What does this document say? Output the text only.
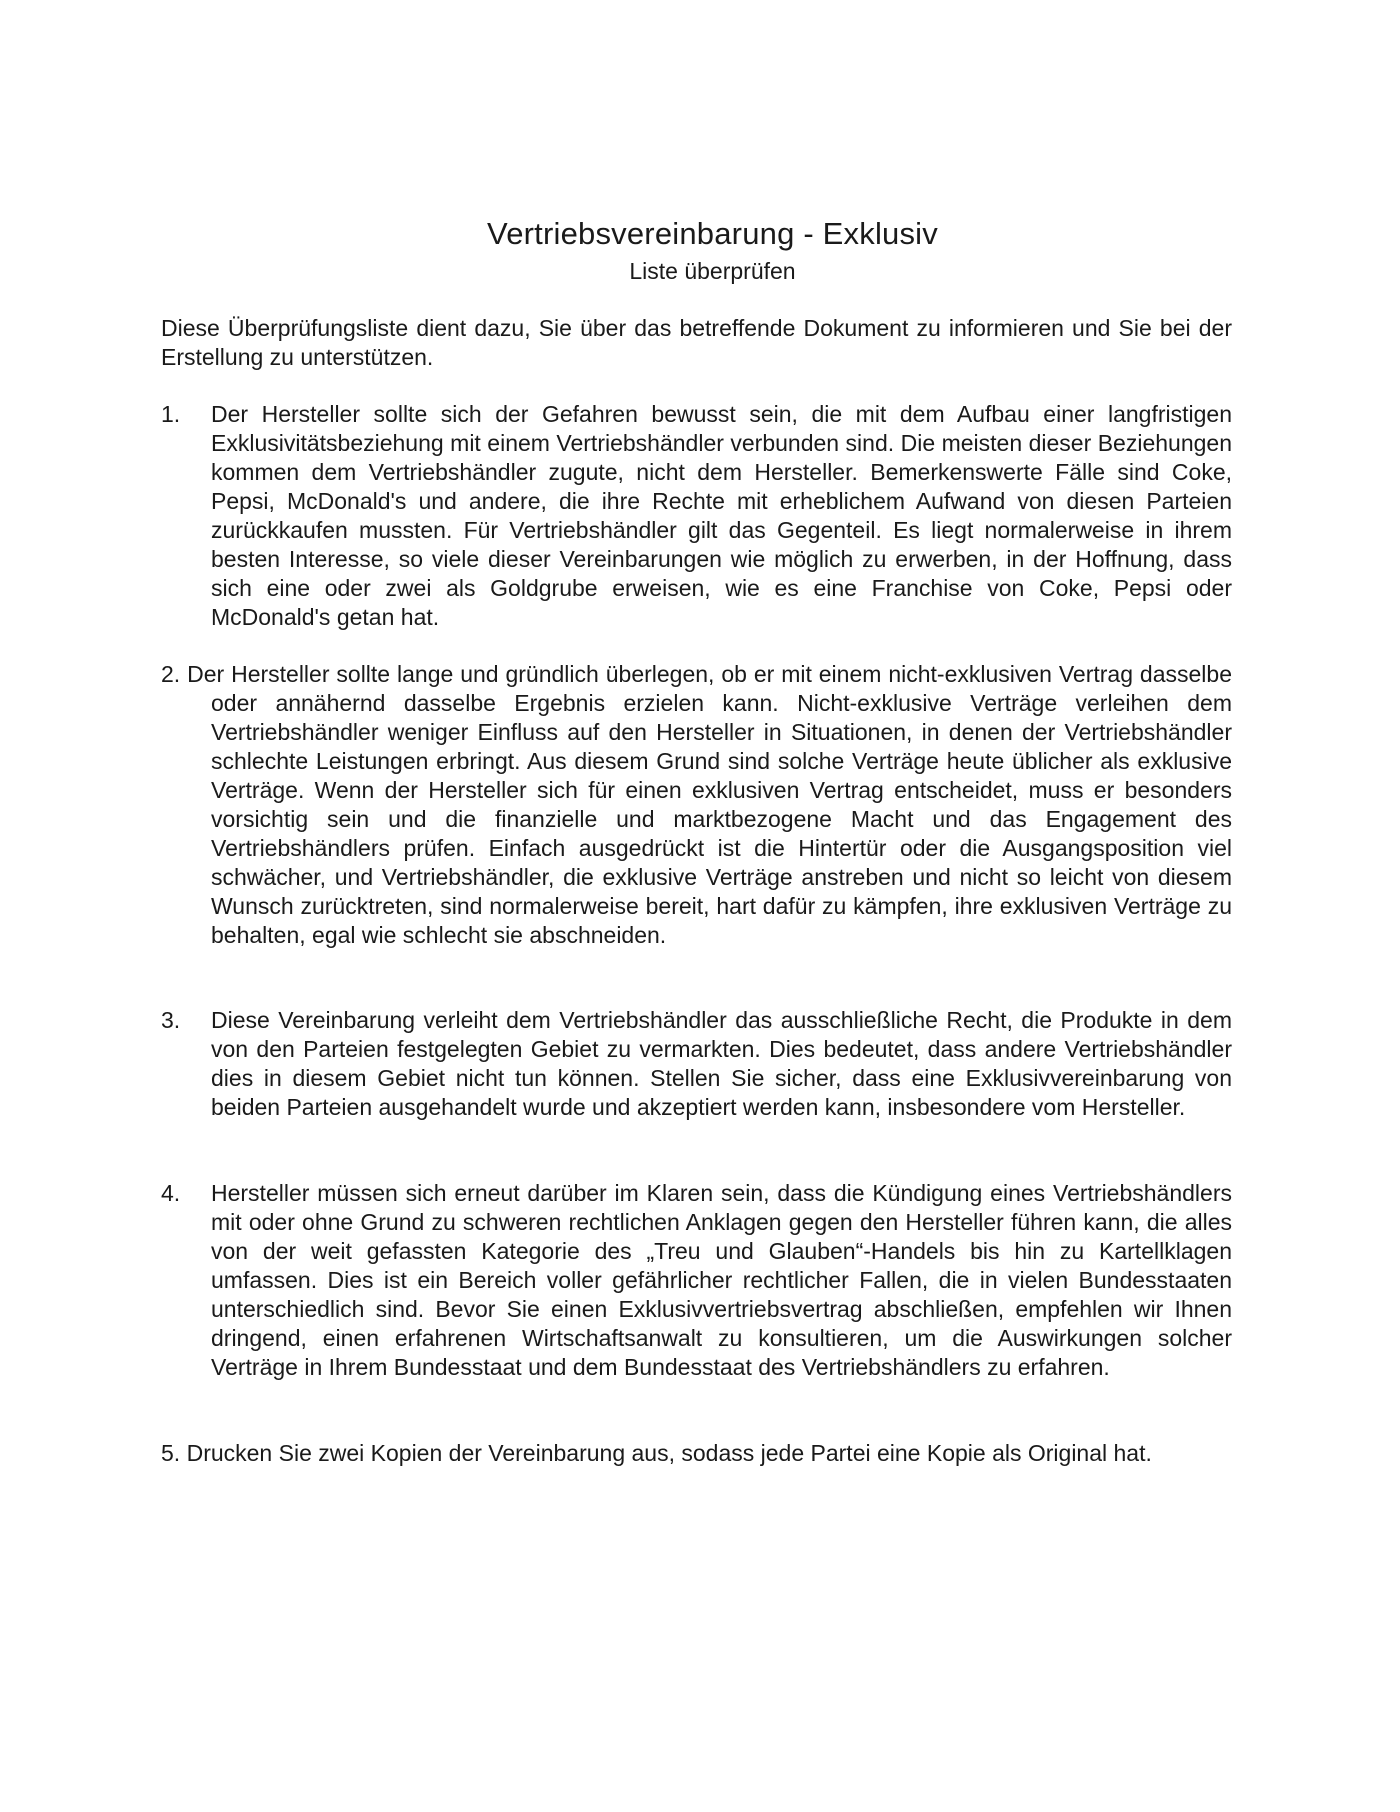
Vertriebsvereinbarung - Exklusiv
Liste überprüfen

Diese Überprüfungsliste dient dazu, Sie über das betreffende Dokument zu informieren und Sie bei der Erstellung zu unterstützen.

1. Der Hersteller sollte sich der Gefahren bewusst sein, die mit dem Aufbau einer langfristigen Exklusivitätsbeziehung mit einem Vertriebshändler verbunden sind. Die meisten dieser Beziehungen kommen dem Vertriebshändler zugute, nicht dem Hersteller. Bemerkenswerte Fälle sind Coke, Pepsi, McDonald's und andere, die ihre Rechte mit erheblichem Aufwand von diesen Parteien zurückkaufen mussten. Für Vertriebshändler gilt das Gegenteil. Es liegt normalerweise in ihrem besten Interesse, so viele dieser Vereinbarungen wie möglich zu erwerben, in der Hoffnung, dass sich eine oder zwei als Goldgrube erweisen, wie es eine Franchise von Coke, Pepsi oder McDonald's getan hat.
2. Der Hersteller sollte lange und gründlich überlegen, ob er mit einem nicht-exklusiven Vertrag dasselbe oder annähernd dasselbe Ergebnis erzielen kann. Nicht-exklusive Verträge verleihen dem Vertriebshändler weniger Einfluss auf den Hersteller in Situationen, in denen der Vertriebshändler schlechte Leistungen erbringt. Aus diesem Grund sind solche Verträge heute üblicher als exklusive Verträge. Wenn der Hersteller sich für einen exklusiven Vertrag entscheidet, muss er besonders vorsichtig sein und die finanzielle und marktbezogene Macht und das Engagement des Vertriebshändlers prüfen. Einfach ausgedrückt ist die Hintertür oder die Ausgangsposition viel schwächer, und Vertriebshändler, die exklusive Verträge anstreben und nicht so leicht von diesem Wunsch zurücktreten, sind normalerweise bereit, hart dafür zu kämpfen, ihre exklusiven Verträge zu behalten, egal wie schlecht sie abschneiden.
3. Diese Vereinbarung verleiht dem Vertriebshändler das ausschließliche Recht, die Produkte in dem von den Parteien festgelegten Gebiet zu vermarkten. Dies bedeutet, dass andere Vertriebshändler dies in diesem Gebiet nicht tun können. Stellen Sie sicher, dass eine Exklusivvereinbarung von beiden Parteien ausgehandelt wurde und akzeptiert werden kann, insbesondere vom Hersteller.
4. Hersteller müssen sich erneut darüber im Klaren sein, dass die Kündigung eines Vertriebshändlers mit oder ohne Grund zu schweren rechtlichen Anklagen gegen den Hersteller führen kann, die alles von der weit gefassten Kategorie des „Treu und Glauben“-Handels bis hin zu Kartellklagen umfassen. Dies ist ein Bereich voller gefährlicher rechtlicher Fallen, die in vielen Bundesstaaten unterschiedlich sind. Bevor Sie einen Exklusivvertriebsvertrag abschließen, empfehlen wir Ihnen dringend, einen erfahrenen Wirtschaftsanwalt zu konsultieren, um die Auswirkungen solcher Verträge in Ihrem Bundesstaat und dem Bundesstaat des Vertriebshändlers zu erfahren.
5. Drucken Sie zwei Kopien der Vereinbarung aus, sodass jede Partei eine Kopie als Original hat.
